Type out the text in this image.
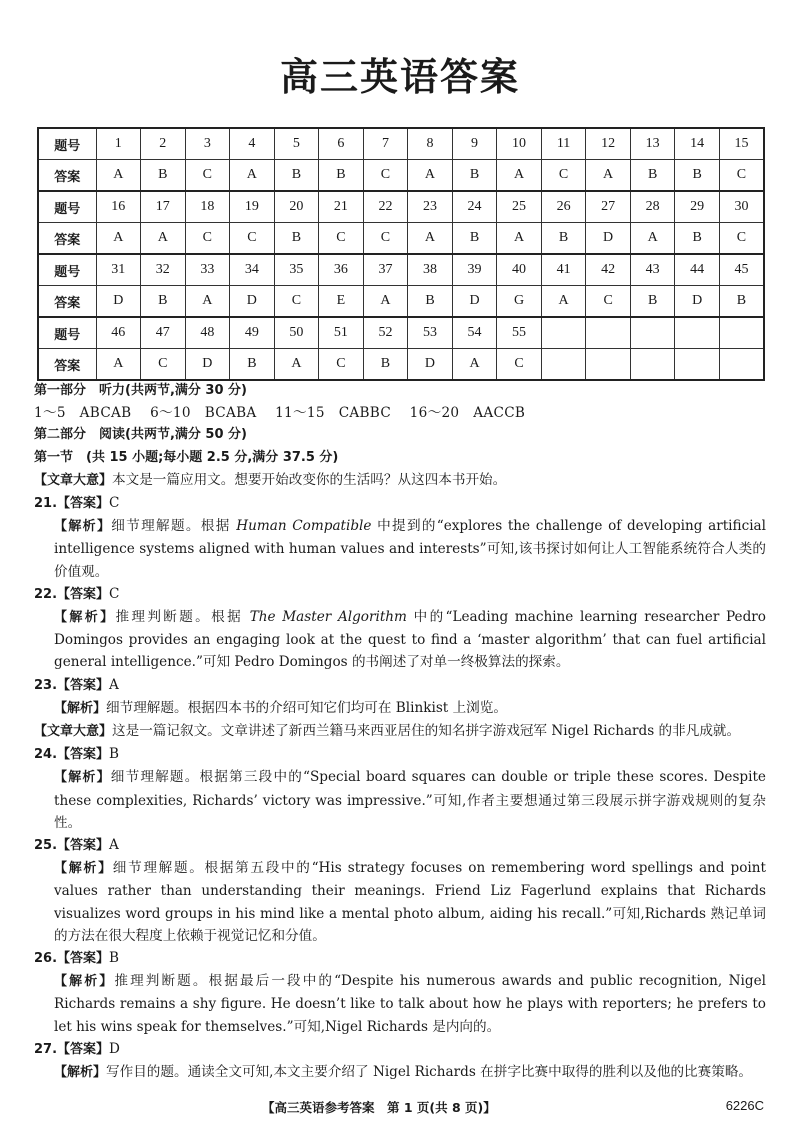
高三英语答案
题号	1	2	3	4	5	6	7	8	9	10	11	12	13	14	15
答案	A	B	C	A	B	B	C	A	B	A	C	A	B	B	C
题号	16	17	18	19	20	21	22	23	24	25	26	27	28	29	30
答案	A	A	C	C	B	C	C	A	B	A	B	D	A	B	C
题号	31	32	33	34	35	36	37	38	39	40	41	42	43	44	45
答案	D	B	A	D	C	E	A	B	D	G	A	C	B	D	B
题号	46	47	48	49	50	51	52	53	54	55					
答案	A	C	D	B	A	C	B	D	A	C					

第一部分　听力(共两节,满分 30 分)

1～5　ABCAB 6～10　BCABA 11～15　CABBC 16～20　AACCB

第二部分　阅读(共两节,满分 50 分)

第一节　(共 15 小题;每小题 2.5 分,满分 37.5 分)

【文章大意】本文是一篇应用文。想要开始改变你的生活吗？从这四本书开始。

21.【答案】C

【解析】细节理解题。根据 Human Compatible 中提到的“explores the challenge of developing artificial intelligence systems aligned with human values and interests”可知,该书探讨如何让人工智能系统符合人类的价值观。

22.【答案】C

【解析】推理判断题。根据 The Master Algorithm 中的“Leading machine learning researcher Pedro Domingos provides an engaging look at the quest to find a ‘master algorithm’ that can fuel artificial general intelligence.”可知 Pedro Domingos 的书阐述了对单一终极算法的探索。

23.【答案】A

【解析】细节理解题。根据四本书的介绍可知它们均可在 Blinkist 上浏览。

【文章大意】这是一篇记叙文。文章讲述了新西兰籍马来西亚居住的知名拼字游戏冠军 Nigel Richards 的非凡成就。

24.【答案】B

【解析】细节理解题。根据第三段中的“Special board squares can double or triple these scores. Despite these complexities, Richards’ victory was impressive.”可知,作者主要想通过第三段展示拼字游戏规则的复杂性。

25.【答案】A

【解析】细节理解题。根据第五段中的“His strategy focuses on remembering word spellings and point values rather than understanding their meanings. Friend Liz Fagerlund explains that Richards visualizes word groups in his mind like a mental photo album, aiding his recall.”可知,Richards 熟记单词的方法在很大程度上依赖于视觉记忆和分值。

26.【答案】B

【解析】推理判断题。根据最后一段中的“Despite his numerous awards and public recognition, Nigel Richards remains a shy figure. He doesn’t like to talk about how he plays with reporters; he prefers to let his wins speak for themselves.”可知,Nigel Richards 是内向的。

27.【答案】D

【解析】写作目的题。通读全文可知,本文主要介绍了 Nigel Richards 在拼字比赛中取得的胜利以及他的比赛策略。

【高三英语参考答案　第 1 页(共 8 页)】	6226C
